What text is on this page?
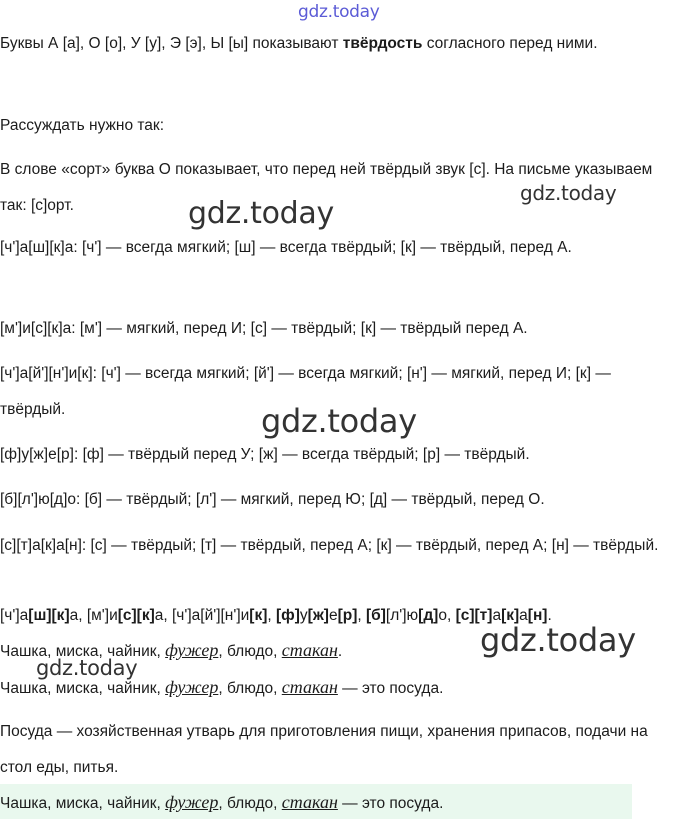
gdz.today
gdz.today
gdz.today
gdz.today
gdz.today
gdz.today
Буквы А [а], О [о], У [у], Э [э], Ы [ы] показывают твёрдость согласного перед ними.
Рассуждать нужно так:
В слове «сорт» буква О показывает, что перед ней твёрдый звук [с]. На письме указываем так: [с]орт.
[ч']а[ш][к]а: [ч'] — всегда мягкий; [ш] — всегда твёрдый; [к] — твёрдый, перед А.
[м']и[с][к]а: [м'] — мягкий, перед И; [с] — твёрдый; [к] — твёрдый перед А.
[ч']а[й'][н']и[к]: [ч'] — всегда мягкий; [й'] — всегда мягкий; [н'] — мягкий, перед И; [к] — твёрдый.
[ф]у[ж]е[р]: [ф] — твёрдый перед У; [ж] — всегда твёрдый; [р] — твёрдый.
[б][л']ю[д]о: [б] — твёрдый; [л'] — мягкий, перед Ю; [д] — твёрдый, перед О.
[с][т]а[к]а[н]: [с] — твёрдый; [т] — твёрдый, перед А; [к] — твёрдый, перед А; [н] — твёрдый.
[ч']а[ш][к]а, [м']и[с][к]а, [ч']а[й'][н']и[к], [ф]у[ж]е[р], [б][л']ю[д]о, [с][т]а[к]а[н].
Чашка, миска, чайник, фужер, блюдо, стакан.
Чашка, миска, чайник, фужер, блюдо, стакан — это посуда.
Посуда — хозяйственная утварь для приготовления пищи, хранения припасов, подачи на стол еды, питья.
Чашка, миска, чайник, фужер, блюдо, стакан — это посуда.
